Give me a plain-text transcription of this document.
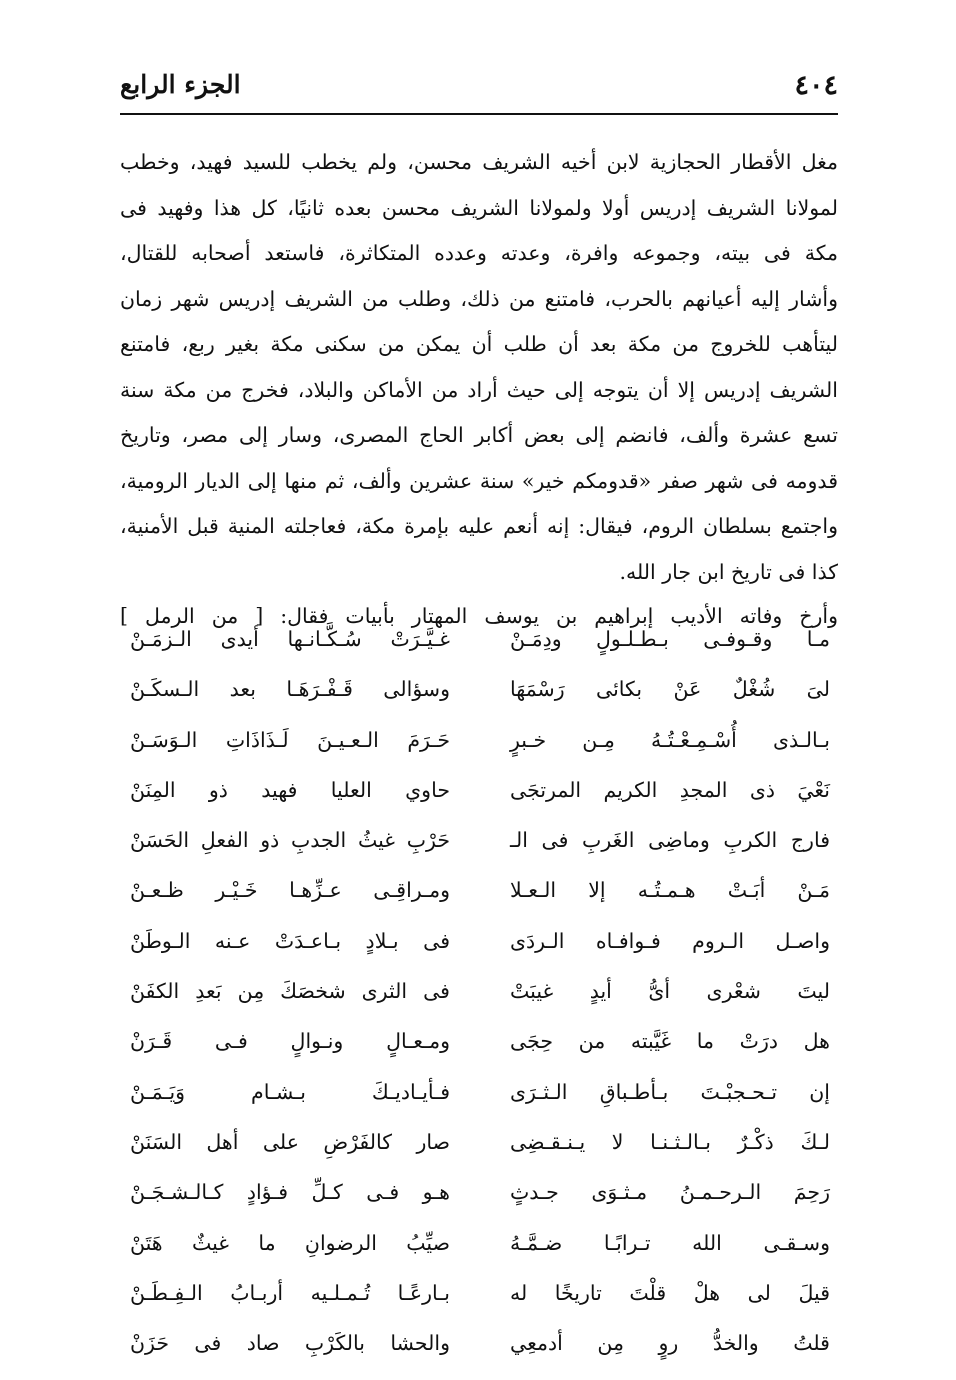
٤٠٤
الجزء الرابع
مغل الأقطار الحجازية لابن أخيه الشريف محسن، ولم يخطب للسيد فهيد، وخطب
لمولانا الشريف إدريس أولا ولمولانا الشريف محسن بعده ثانيًا، كل هذا وفهيد فى
مكة فى بيته، وجموعه وافرة، وعدته وعدده المتكاثرة، فاستعد أصحابه للقتال،
وأشار إليه أعيانهم بالحرب، فامتنع من ذلك، وطلب من الشريف إدريس شهر زمان
ليتأهب للخروج من مكة بعد أن طلب أن يمكن من سكنى مكة بغير ربع، فامتنع
الشريف إدريس إلا أن يتوجه إلى حيث أراد من الأماكن والبلاد، فخرج من مكة سنة
تسع عشرة وألف، فانضم إلى بعض أكابر الحاج المصرى، وسار إلى مصر، وتاريخ
قدومه فى شهر صفر «قدومكم خير» سنة عشرين وألف، ثم منها إلى الديار الرومية،
واجتمع بسلطان الروم، فيقال: إنه أنعم عليه بإمرة مكة، فعاجلته المنية قبل الأمنية،
كذا فى تاريخ ابن جار الله.
وأرخ وفاته الأديب إبراهيم بن يوسف المهتار بأبيات فقال: [ من الرمل ]
مـا وقـوفـى بـطـلـولٍ ودِمَـنْ
غـيَّـرَتْ سُـكَّـانـها أيدى الـزمَـنْ
لىَ شُغْلٌ عَنْ بكائى رَسْمَهَا
وسؤالى قَـفْـرَهَـا بعد الـسكَـنْ
بـالـذى أُسْـمِـعْـتُـهُ مِـن خـبرٍ
حَـرَمَ الـعـيـنَ لَـذَاذَاتِ الـوَسَـنْ
نَعْيَ ذى المجدِ الكريم المرتجَى
حاوي العليا فهيد ذو المِنَنْ
فارج الكربِ وماضِى الغَربِ فى الـ
حَرْبِ غيثُ الجدبِ ذو الفعلِ الحَسَنْ
مَـنْ أبَـتْ هـمـتُـه إلا الـعـلا
ومـراقِـى عـزِّهـا خَـيْـر ظـعـنْ
واصـل الـروم فـوافـاه الـردَى
فى بـلادٍ بـاعـدَتْ عـنه الـوطَنْ
ليتَ شعْرى أىُّ أيدٍ غيبَتْ
فى الثرى شخصَكَ مِن بَعدِ الكفَنْ
هل درَتْ ما غَيَّبته من حِجَى
ومـعـالٍ ونـوالٍ فـى قَـرَنْ
إن تـحـجبْـتَ بـأطـباقِ الـثـرَى
فـأيـاديـكَ بـشـام وَيَـمَـنْ
لـكَ ذكْـرٌ بـالـثـنـا لا يـنـقـضِى
صار كالفَرْضِ على أهل السَنَنْ
رَحِمَ الـرحـمـنُ مـثـوَى جـدثٍ
هـو فـى كـلِّ فـؤادٍ كـالـشـجَـنْ
وسـقـى الله تـرابًـا ضـمَّـهُ
صيِّبُ الرضوانِ ما غيثٌ هَتَنْ
قيلَ لى هلْ قلْتَ تاريخًا له
بـارعًـا تُـمـلـيه أربـابُ الـفِـطَـنْ
قلتُ والخدُّ روٍ مِن أدمعِي
والحشا بالكَرْبِ صاد فى حَزَنْ
